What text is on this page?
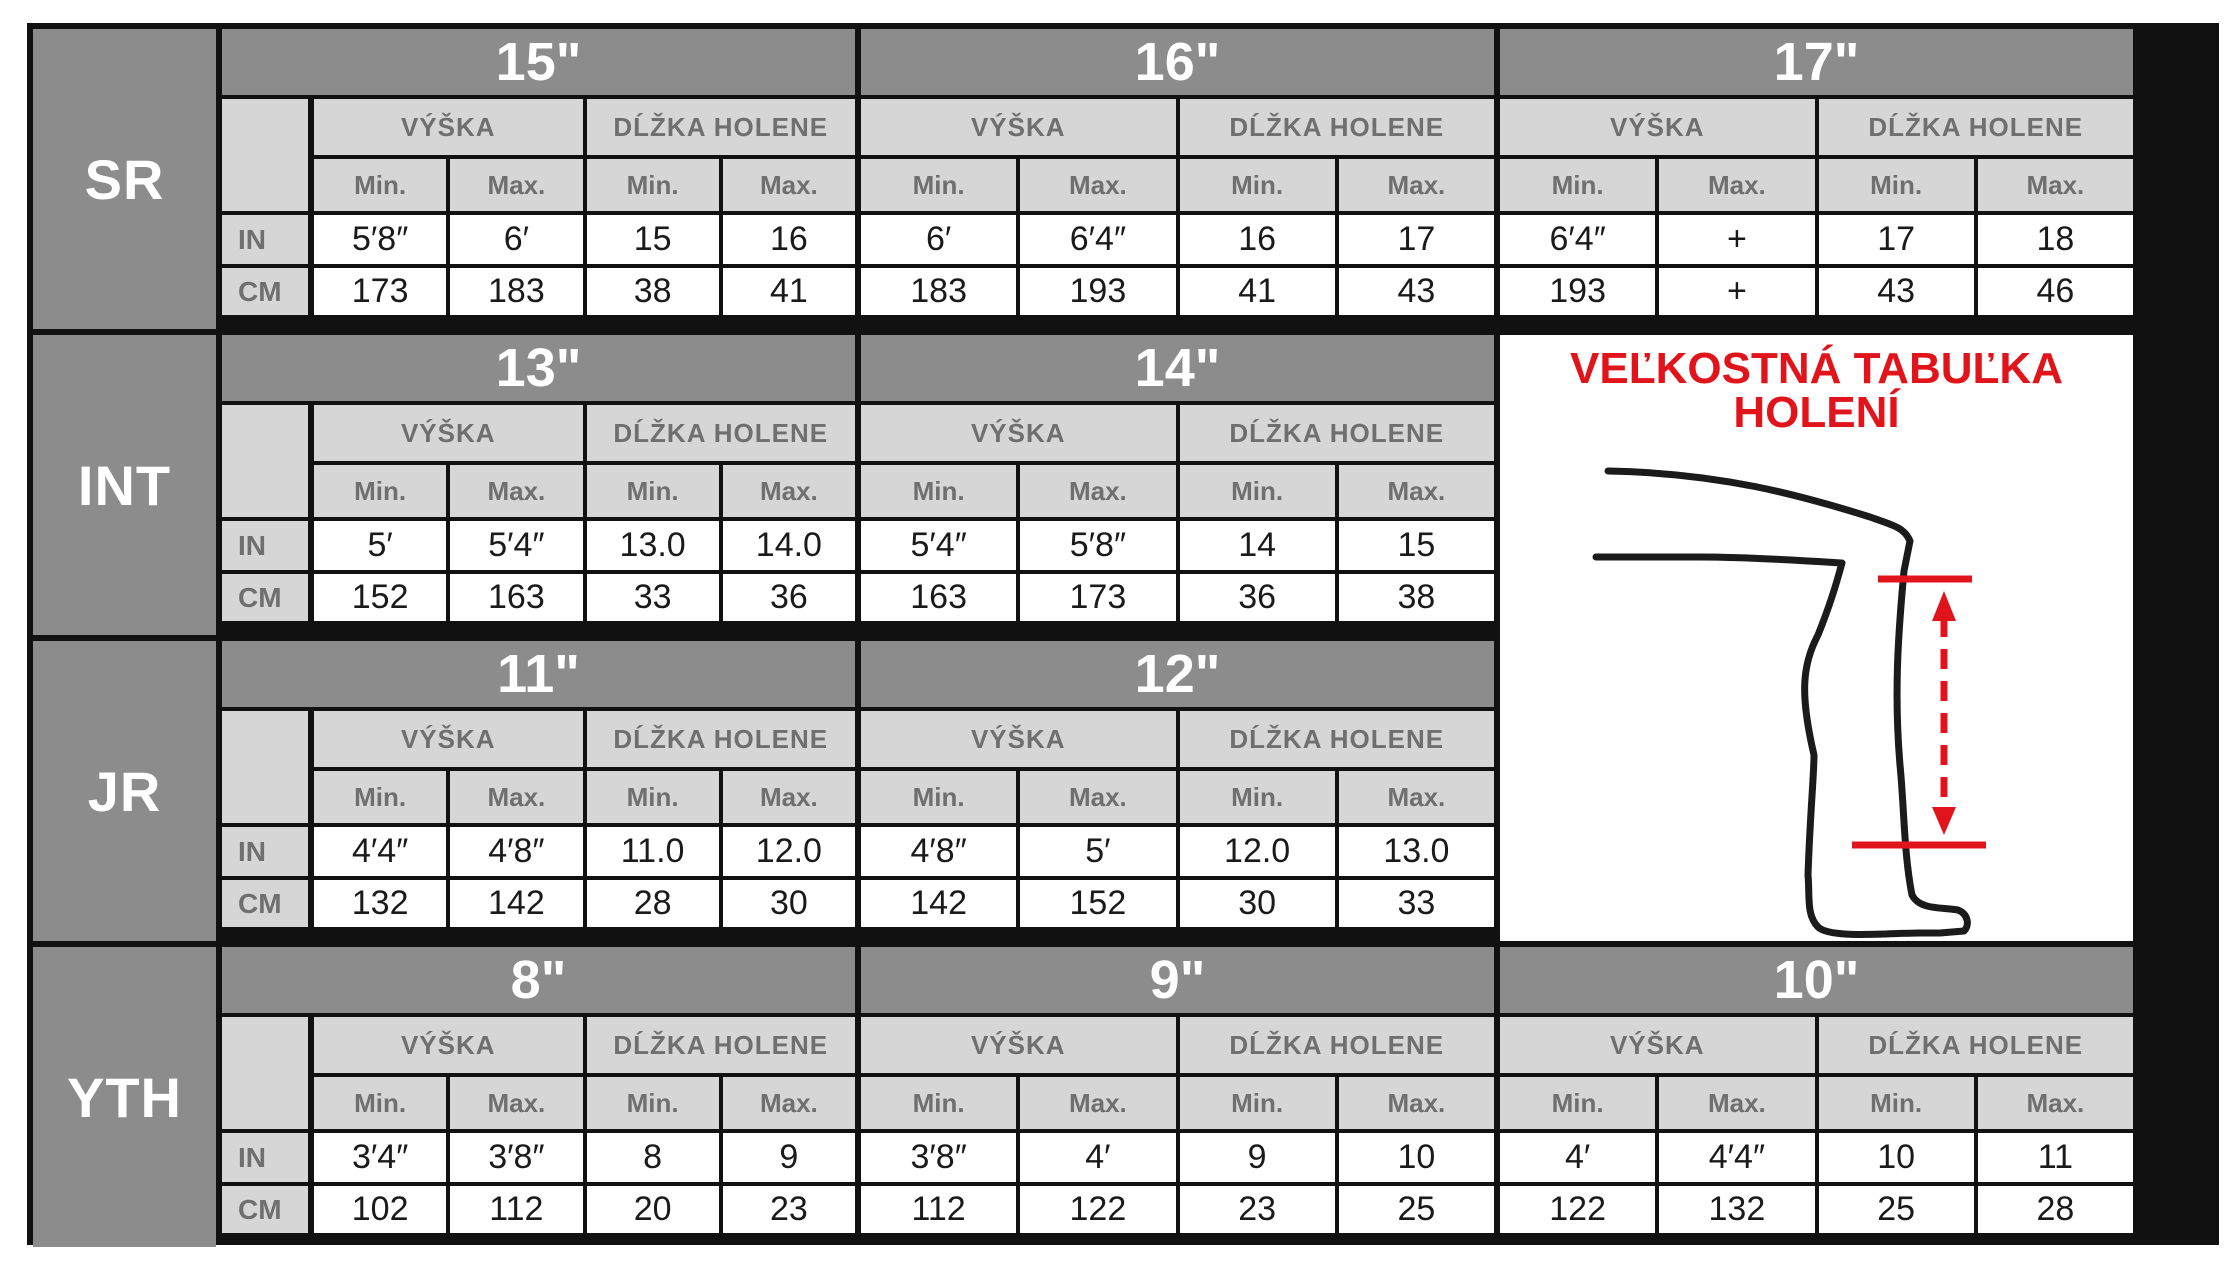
SR
15"
VÝŠKA	DĹŽKA HOLENE
Min.	Max.	Min.	Max.
IN	5′8″	6′	15	16
CM	173	183	38	41
16"
VÝŠKA	DĹŽKA HOLENE
Min.	Max.	Min.	Max.
6′	6′4″	16	17
183	193	41	43
17"
VÝŠKA	DĹŽKA HOLENE
Min.	Max.	Min.	Max.
6′4″	+	17	18
193	+	43	46
INT
13"
VÝŠKA	DĹŽKA HOLENE
Min.	Max.	Min.	Max.
IN	5′	5′4″	13.0	14.0
CM	152	163	33	36
14"
VÝŠKA	DĹŽKA HOLENE
Min.	Max.	Min.	Max.
5′4″	5′8″	14	15
163	173	36	38
VEĽKOSTNÁ TABUĽKA
HOLENÍ
JR
11"
VÝŠKA	DĹŽKA HOLENE
Min.	Max.	Min.	Max.
IN	4′4″	4′8″	11.0	12.0
CM	132	142	28	30
12"
VÝŠKA	DĹŽKA HOLENE
Min.	Max.	Min.	Max.
4′8″	5′	12.0	13.0
142	152	30	33
YTH
8"
VÝŠKA	DĹŽKA HOLENE
Min.	Max.	Min.	Max.
IN	3′4″	3′8″	8	9
CM	102	112	20	23
9"
VÝŠKA	DĹŽKA HOLENE
Min.	Max.	Min.	Max.
3′8″	4′	9	10
112	122	23	25
10"
VÝŠKA	DĹŽKA HOLENE
Min.	Max.	Min.	Max.
4′	4′4″	10	11
122	132	25	28
